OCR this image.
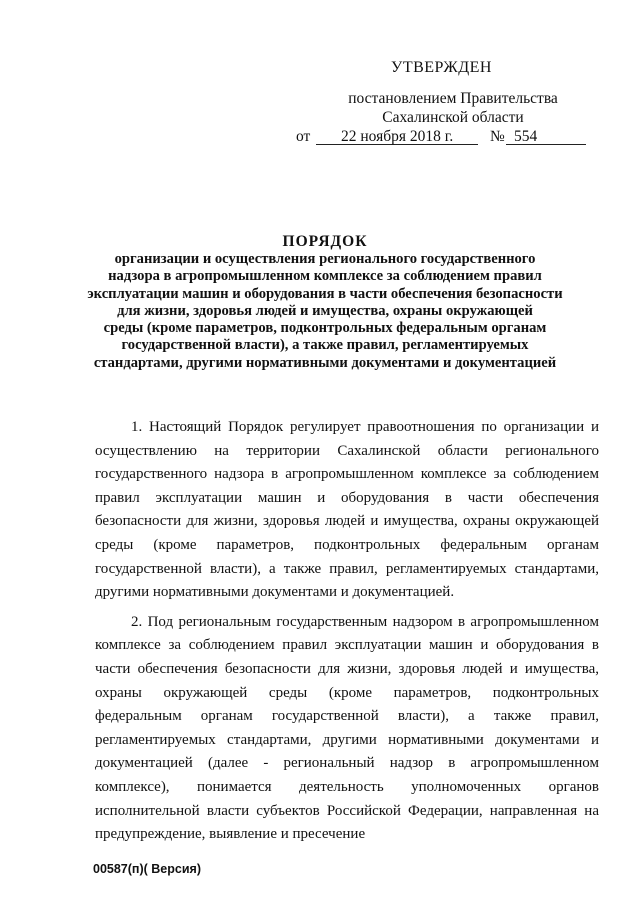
УТВЕРЖДЕН
постановлением Правительства
Сахалинской области
от 22 ноября 2018 г. № 554
ПОРЯДОК
организации и осуществления регионального государственного
надзора в агропромышленном комплексе за соблюдением правил
эксплуатации машин и оборудования в части обеспечения безопасности
для жизни, здоровья людей и имущества, охраны окружающей
среды (кроме параметров, подконтрольных федеральным органам
государственной власти), а также правил, регламентируемых
стандартами, другими нормативными документами и документацией

1. Настоящий Порядок регулирует правоотношения по организации и осуществлению на территории Сахалинской области регионального государственного надзора в агропромышленном комплексе за соблюдением правил эксплуатации машин и оборудования в части обеспечения безопасности для жизни, здоровья людей и имущества, охраны окружающей среды (кроме параметров, подконтрольных федеральным органам государственной власти), а также правил, регламентируемых стандартами, другими нормативными документами и документацией.

2. Под региональным государственным надзором в агропромышленном комплексе за соблюдением правил эксплуатации машин и оборудования в части обеспечения безопасности для жизни, здоровья людей и имущества, охраны окружающей среды (кроме параметров, подконтрольных федеральным органам государственной власти), а также правил, регламентируемых стандартами, другими нормативными документами и документацией (далее - региональный надзор в агропромышленном комплексе), понимается деятельность уполномоченных органов исполнительной власти субъектов Российской Федерации, направленная на предупреждение, выявление и пресечение

00587(п)( Версия)
